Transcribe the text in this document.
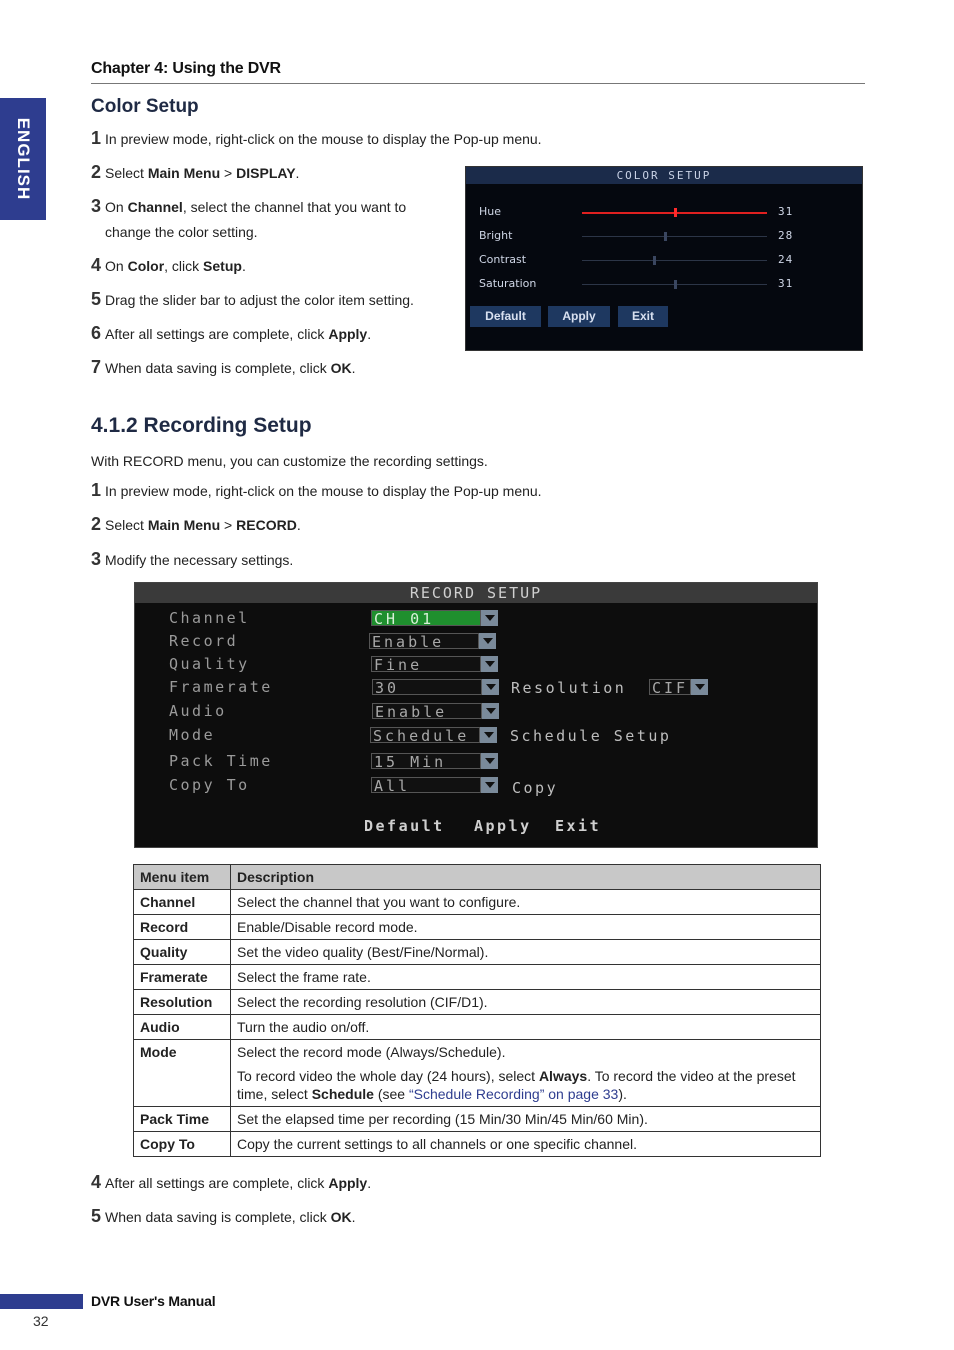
Chapter 4: Using the DVR
ENGLISH
Color Setup
1 In preview mode, right-click on the mouse to display the Pop-up menu.
2 Select Main Menu > DISPLAY.
3 On Channel, select the channel that you want to
change the color setting.
4 On Color, click Setup.
5 Drag the slider bar to adjust the color item setting.
6 After all settings are complete, click Apply.
7 When data saving is complete, click OK.
COLOR SETUP
Hue	31
Bright	28
Contrast	24
Saturation	31
Default	Apply	Exit
4.1.2 Recording Setup
With RECORD menu, you can customize the recording settings.
1 In preview mode, right-click on the mouse to display the Pop-up menu.
2 Select Main Menu > RECORD.
3 Modify the necessary settings.
RECORD SETUP
Channel	CH 01
Record	Enable
Quality	Fine
Framerate	30
Audio	Enable
Mode	Schedule
Pack Time	15 Min
Copy To	All
Resolution CIF
Schedule Setup
Copy
Default Apply Exit
Menu item	Description
Channel	Select the channel that you want to configure.

Record	Enable/Disable record mode.

Quality	Set the video quality (Best/Fine/Normal).

Framerate	Select the frame rate.

Resolution	Select the recording resolution (CIF/D1).

Audio	Turn the audio on/off.

Mode	Select the record mode (Always/Schedule).
To record video the whole day (24 hours), select Always. To record the video at the preset time, select Schedule (see “Schedule Recording” on page 33).

Pack Time	Set the elapsed time per recording (15 Min/30 Min/45 Min/60 Min).

Copy To	Copy the current settings to all channels or one specific channel.
4 After all settings are complete, click Apply.
5 When data saving is complete, click OK.
DVR User's Manual
32
